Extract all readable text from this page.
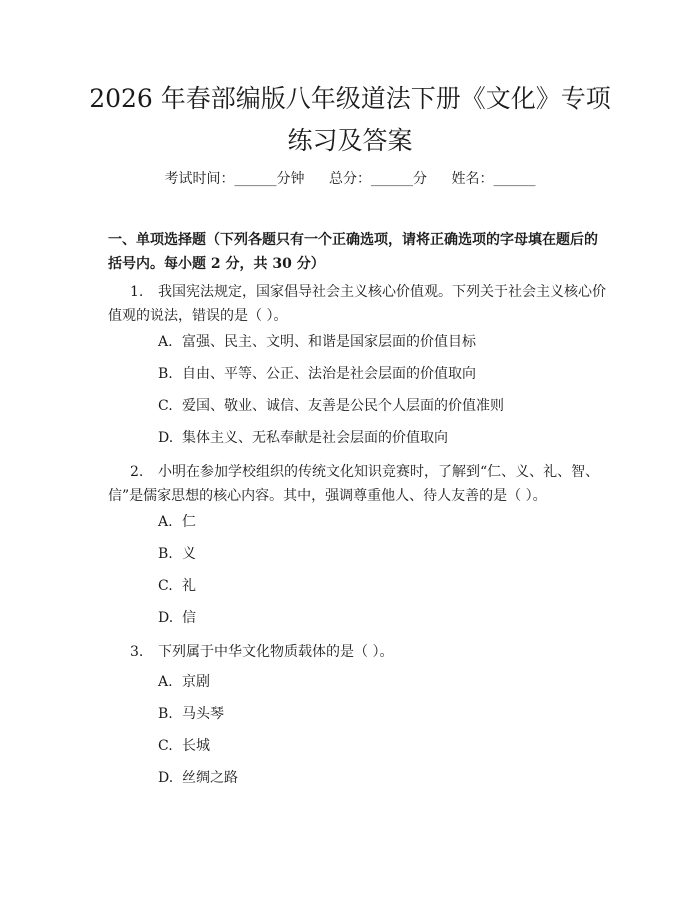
2026 年春部编版八年级道法下册《文化》专项练习及答案
考试时间：______分钟 总分：______分 姓名：______

一、单项选择题（下列各题只有一个正确选项，请将正确选项的字母填在题后的括号内。每小题 2 分，共 30 分）

1. 我国宪法规定，国家倡导社会主义核心价值观。下列关于社会主义核心价值观的说法，错误的是（ ）。

A. 富强、民主、文明、和谐是国家层面的价值目标
B. 自由、平等、公正、法治是社会层面的价值取向
C. 爱国、敬业、诚信、友善是公民个人层面的价值准则
D. 集体主义、无私奉献是社会层面的价值取向

2. 小明在参加学校组织的传统文化知识竞赛时，了解到“仁、义、礼、智、信”是儒家思想的核心内容。其中，强调尊重他人、待人友善的是（ ）。

A. 仁
B. 义
C. 礼
D. 信

3. 下列属于中华文化物质载体的是（ ）。

A. 京剧
B. 马头琴
C. 长城
D. 丝绸之路
